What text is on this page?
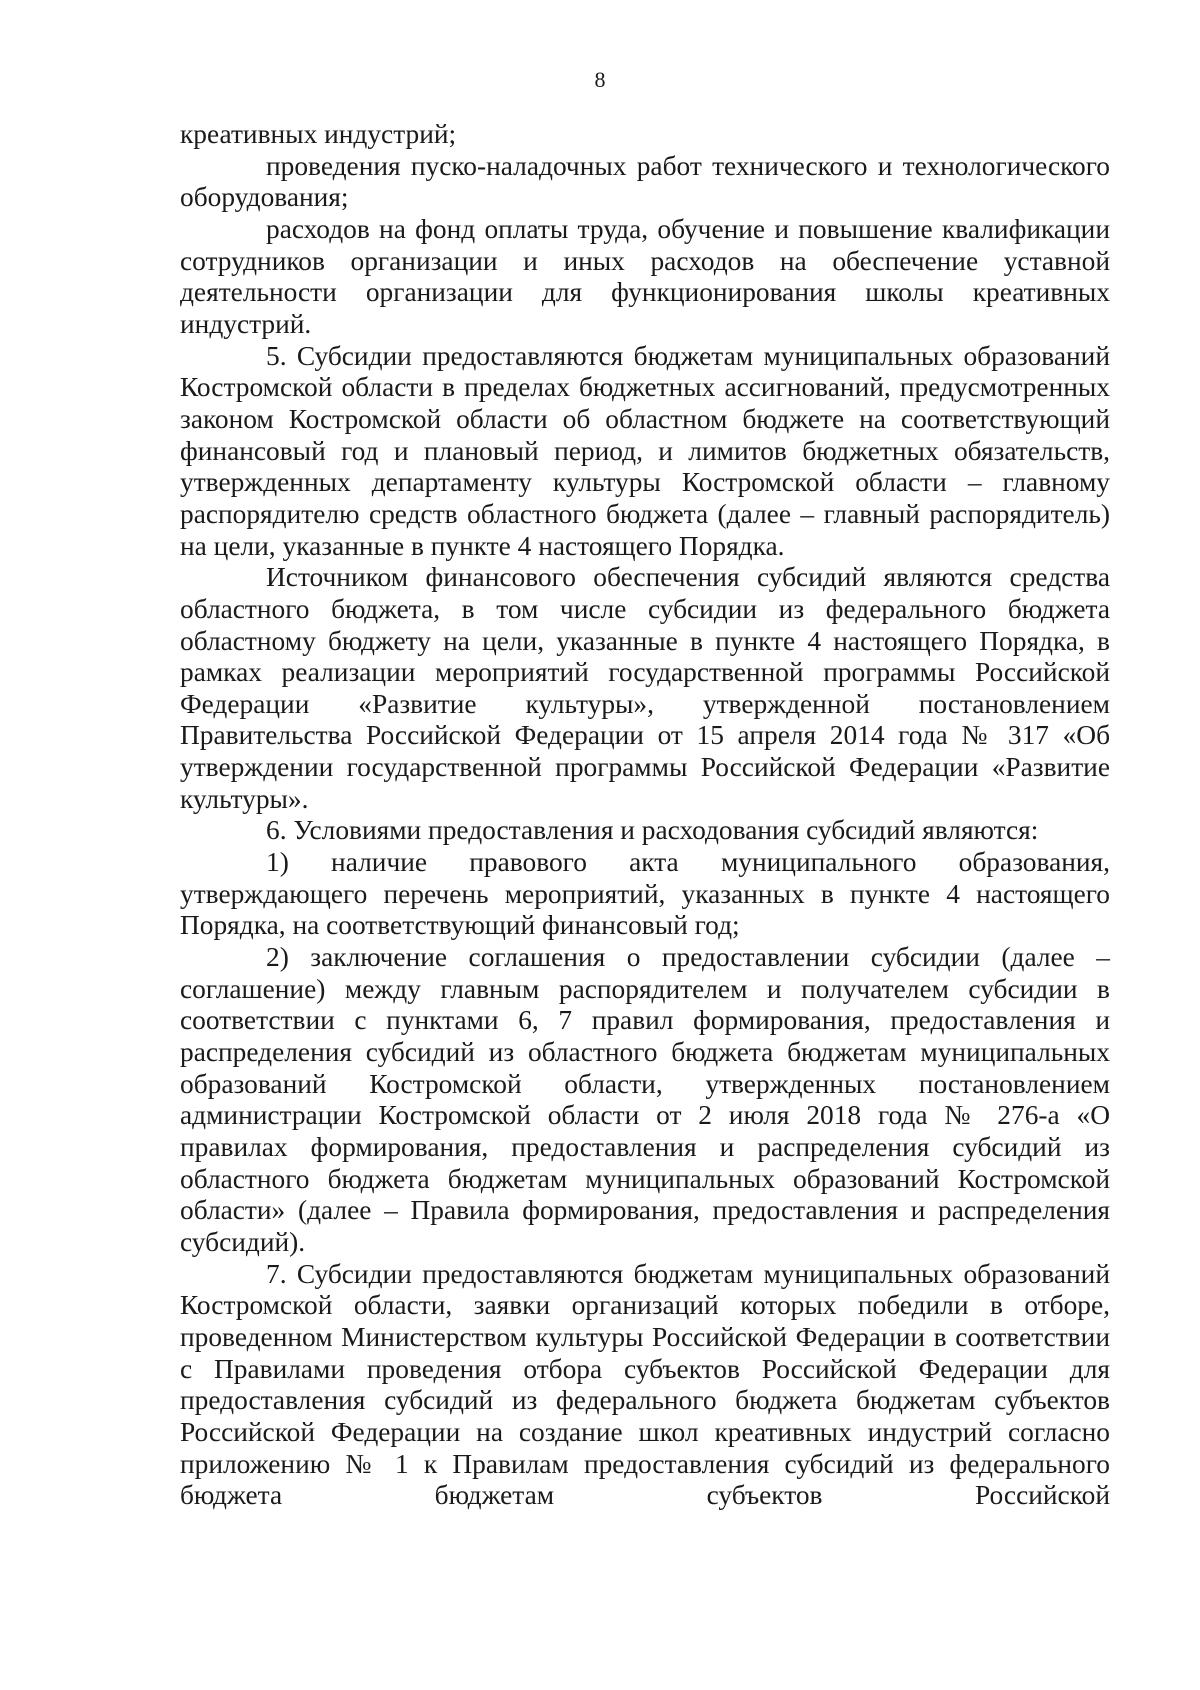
8

креативных индустрий;

проведения пуско-наладочных работ технического и технологического оборудования;

расходов на фонд оплаты труда, обучение и повышение квалификации сотрудников организации и иных расходов на обеспечение уставной деятельности организации для функционирования школы креативных индустрий.

5. Субсидии предоставляются бюджетам муниципальных образований Костромской области в пределах бюджетных ассигнований, предусмотренных законом Костромской области об областном бюджете на соответствующий финансовый год и плановый период, и лимитов бюджетных обязательств, утвержденных департаменту культуры Костромской области – главному распорядителю средств областного бюджета (далее – главный распорядитель) на цели, указанные в пункте 4 настоящего Порядка.

Источником финансового обеспечения субсидий являются средства областного бюджета, в том числе субсидии из федерального бюджета областному бюджету на цели, указанные в пункте 4 настоящего Порядка, в рамках реализации мероприятий государственной программы Российской Федерации «Развитие культуры», утвержденной постановлением Правительства Российской Федерации от 15 апреля 2014 года № 317 «Об утверждении государственной программы Российской Федерации «Развитие культуры».

6. Условиями предоставления и расходования субсидий являются:

1) наличие правового акта муниципального образования, утверждающего перечень мероприятий, указанных в пункте 4 настоящего Порядка, на соответствующий финансовый год;

2) заключение соглашения о предоставлении субсидии (далее – соглашение) между главным распорядителем и получателем субсидии в соответствии с пунктами 6, 7 правил формирования, предоставления и распределения субсидий из областного бюджета бюджетам муниципальных образований Костромской области, утвержденных постановлением администрации Костромской области от 2 июля 2018 года № 276-а «О правилах формирования, предоставления и распределения субсидий из областного бюджета бюджетам муниципальных образований Костромской области» (далее – Правила формирования, предоставления и распределения субсидий).

7. Субсидии предоставляются бюджетам муниципальных образований Костромской области, заявки организаций которых победили в отборе, проведенном Министерством культуры Российской Федерации в соответствии с Правилами проведения отбора субъектов Российской Федерации для предоставления субсидий из федерального бюджета бюджетам субъектов Российской Федерации на создание школ креативных индустрий согласно приложению № 1 к Правилам предоставления субсидий из федерального бюджета бюджетам субъектов Российской
